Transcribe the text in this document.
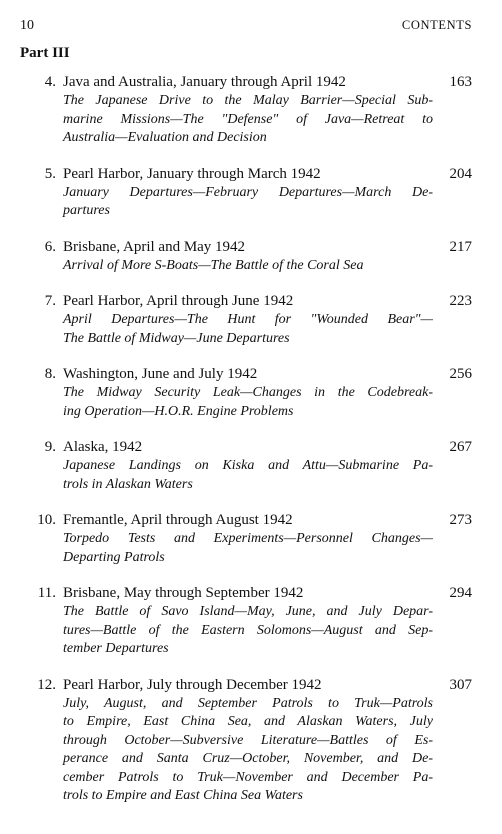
10	CONTENTS
Part III
4. Java and Australia, January through April 1942	163
The Japanese Drive to the Malay Barrier—Special Sub-
marine Missions—The "Defense" of Java—Retreat to
Australia—Evaluation and Decision
5. Pearl Harbor, January through March 1942	204
January Departures—February Departures—March De-
partures
6. Brisbane, April and May 1942	217
Arrival of More S-Boats—The Battle of the Coral Sea
7. Pearl Harbor, April through June 1942	223
April Departures—The Hunt for "Wounded Bear"—
The Battle of Midway—June Departures
8. Washington, June and July 1942	256
The Midway Security Leak—Changes in the Codebreak-
ing Operation—H.O.R. Engine Problems
9. Alaska, 1942	267
Japanese Landings on Kiska and Attu—Submarine Pa-
trols in Alaskan Waters
10. Fremantle, April through August 1942	273
Torpedo Tests and Experiments—Personnel Changes—
Departing Patrols
11. Brisbane, May through September 1942	294
The Battle of Savo Island—May, June, and July Depar-
tures—Battle of the Eastern Solomons—August and Sep-
tember Departures
12. Pearl Harbor, July through December 1942	307
July, August, and September Patrols to Truk—Patrols
to Empire, East China Sea, and Alaskan Waters, July
through October—Subversive Literature—Battles of Es-
perance and Santa Cruz—October, November, and De-
cember Patrols to Truk—November and December Pa-
trols to Empire and East China Sea Waters
